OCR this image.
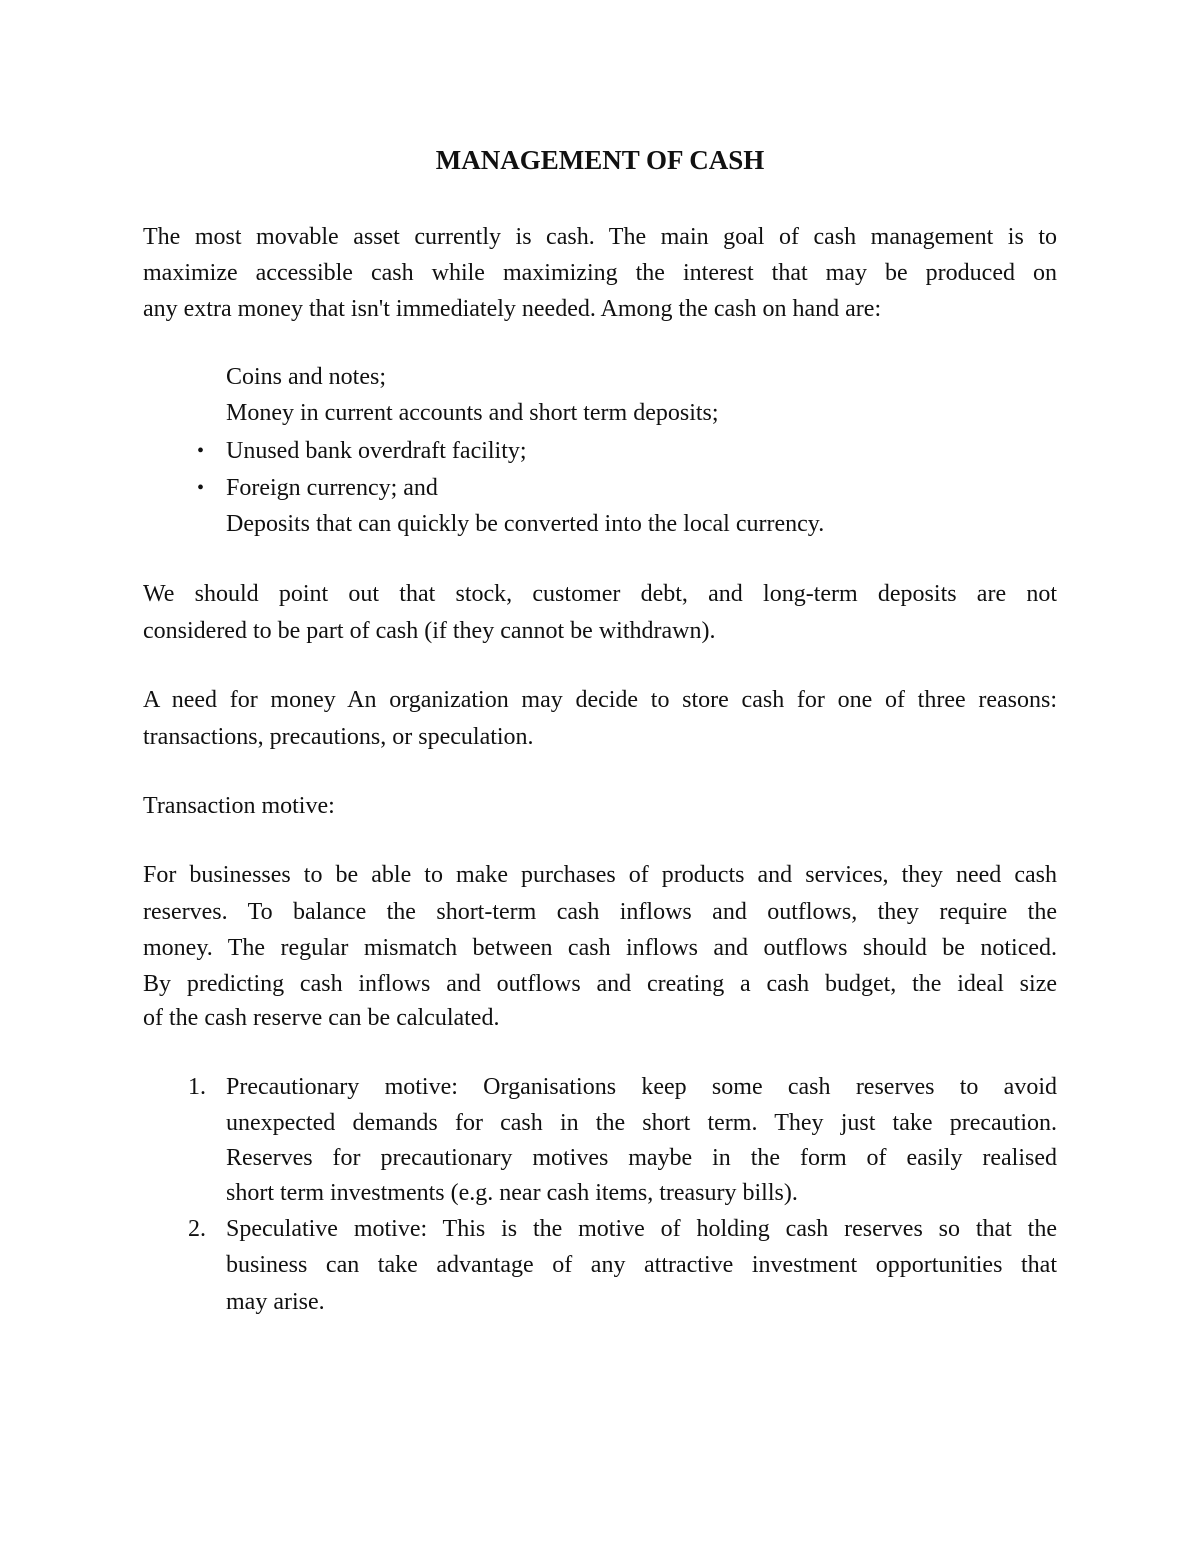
MANAGEMENT OF CASH
The most movable asset currently is cash. The main goal of cash management is to
maximize accessible cash while maximizing the interest that may be produced on
any extra money that isn't immediately needed. Among the cash on hand are:
Coins and notes;
Money in current accounts and short term deposits;
• Unused bank overdraft facility;
• Foreign currency; and
Deposits that can quickly be converted into the local currency.
We should point out that stock, customer debt, and long-term deposits are not
considered to be part of cash (if they cannot be withdrawn).
A need for money An organization may decide to store cash for one of three reasons:
transactions, precautions, or speculation.
Transaction motive:
For businesses to be able to make purchases of products and services, they need cash
reserves. To balance the short-term cash inflows and outflows, they require the
money. The regular mismatch between cash inflows and outflows should be noticed.
By predicting cash inflows and outflows and creating a cash budget, the ideal size
of the cash reserve can be calculated.
1. Precautionary motive: Organisations keep some cash reserves to avoid
unexpected demands for cash in the short term. They just take precaution.
Reserves for precautionary motives maybe in the form of easily realised
short term investments (e.g. near cash items, treasury bills).
2. Speculative motive: This is the motive of holding cash reserves so that the
business can take advantage of any attractive investment opportunities that
may arise.
